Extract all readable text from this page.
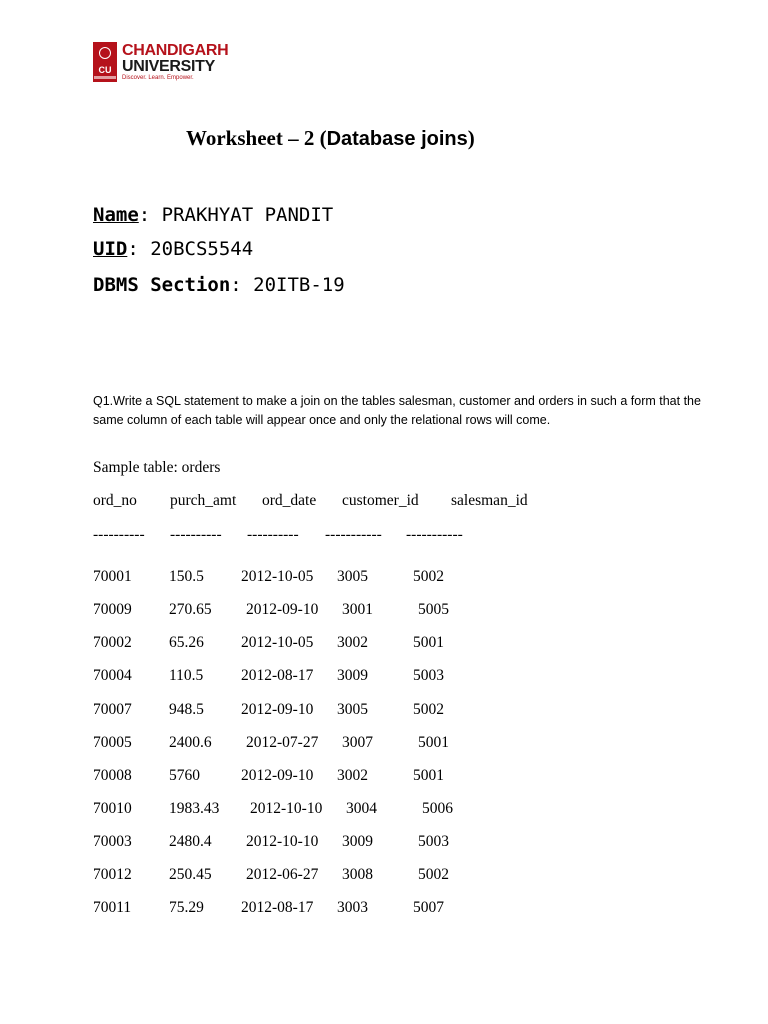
CU
CHANDIGARH
UNIVERSITY
Discover. Learn. Empower.
Worksheet – 2 (Database joins)
Name: PRAKHYAT PANDIT
UID: 20BCS5544
DBMS Section: 20ITB-19
Q1.Write a SQL statement to make a join on the tables salesman, customer and orders in such a form that the same column of each table will appear once and only the relational rows will come.
Sample table: orders
ord_no purch_amt ord_date customer_id salesman_id
---------- ---------- ---------- ----------- -----------
70001 150.5 2012-10-05 3005	5002
70009 270.65 2012-09-10 3001	5005
70002 65.26 2012-10-05 3002	5001
70004 110.5 2012-08-17 3009	5003
70007 948.5 2012-09-10 3005	5002
70005 2400.6 2012-07-27 3007	5001
70008 5760	2012-09-10 3002	5001
70010 1983.43 2012-10-10 3004	5006
70003 2480.4 2012-10-10 3009	5003
70012 250.45 2012-06-27 3008	5002
70011 75.29 2012-08-17 3003	5007
